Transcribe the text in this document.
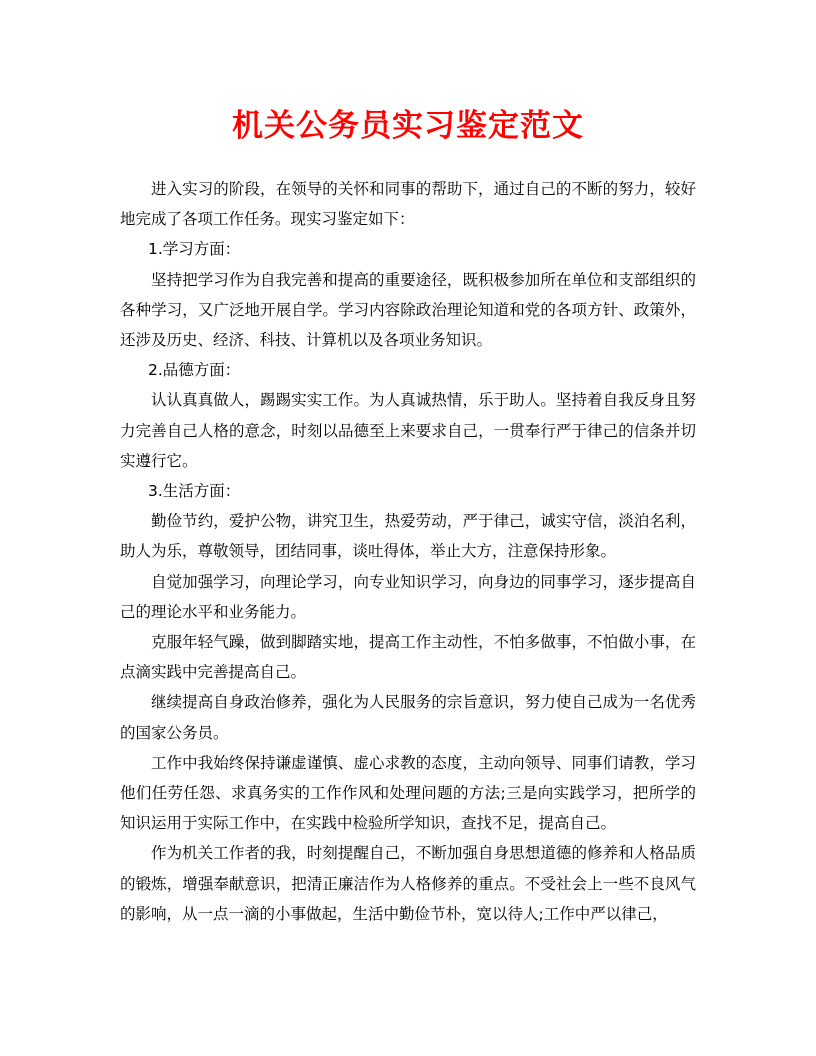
机关公务员实习鉴定范文

进入实习的阶段，在领导的关怀和同事的帮助下，通过自己的不断的努力，较好地完成了各项工作任务。现实习鉴定如下：

1.学习方面：

坚持把学习作为自我完善和提高的重要途径，既积极参加所在单位和支部组织的各种学习，又广泛地开展自学。学习内容除政治理论知道和党的各项方针、政策外，还涉及历史、经济、科技、计算机以及各项业务知识。

2.品德方面：

认认真真做人，踢踢实实工作。为人真诚热情，乐于助人。坚持着自我反身且努力完善自己人格的意念，时刻以品德至上来要求自己，一贯奉行严于律己的信条并切实遵行它。

3.生活方面：

勤俭节约，爱护公物，讲究卫生，热爱劳动，严于律己，诚实守信，淡泊名利，助人为乐，尊敬领导，团结同事，谈吐得体，举止大方，注意保持形象。

自觉加强学习，向理论学习，向专业知识学习，向身边的同事学习，逐步提高自己的理论水平和业务能力。

克服年轻气躁，做到脚踏实地，提高工作主动性，不怕多做事，不怕做小事，在点滴实践中完善提高自己。

继续提高自身政治修养，强化为人民服务的宗旨意识，努力使自己成为一名优秀的国家公务员。

工作中我始终保持谦虚谨慎、虚心求教的态度，主动向领导、同事们请教，学习他们任劳任怨、求真务实的工作作风和处理问题的方法;三是向实践学习，把所学的知识运用于实际工作中，在实践中检验所学知识，查找不足，提高自己。

作为机关工作者的我，时刻提醒自己，不断加强自身思想道德的修养和人格品质的锻炼，增强奉献意识，把清正廉洁作为人格修养的重点。不受社会上一些不良风气的影响，从一点一滴的小事做起，生活中勤俭节朴，宽以待人;工作中严以律己，
